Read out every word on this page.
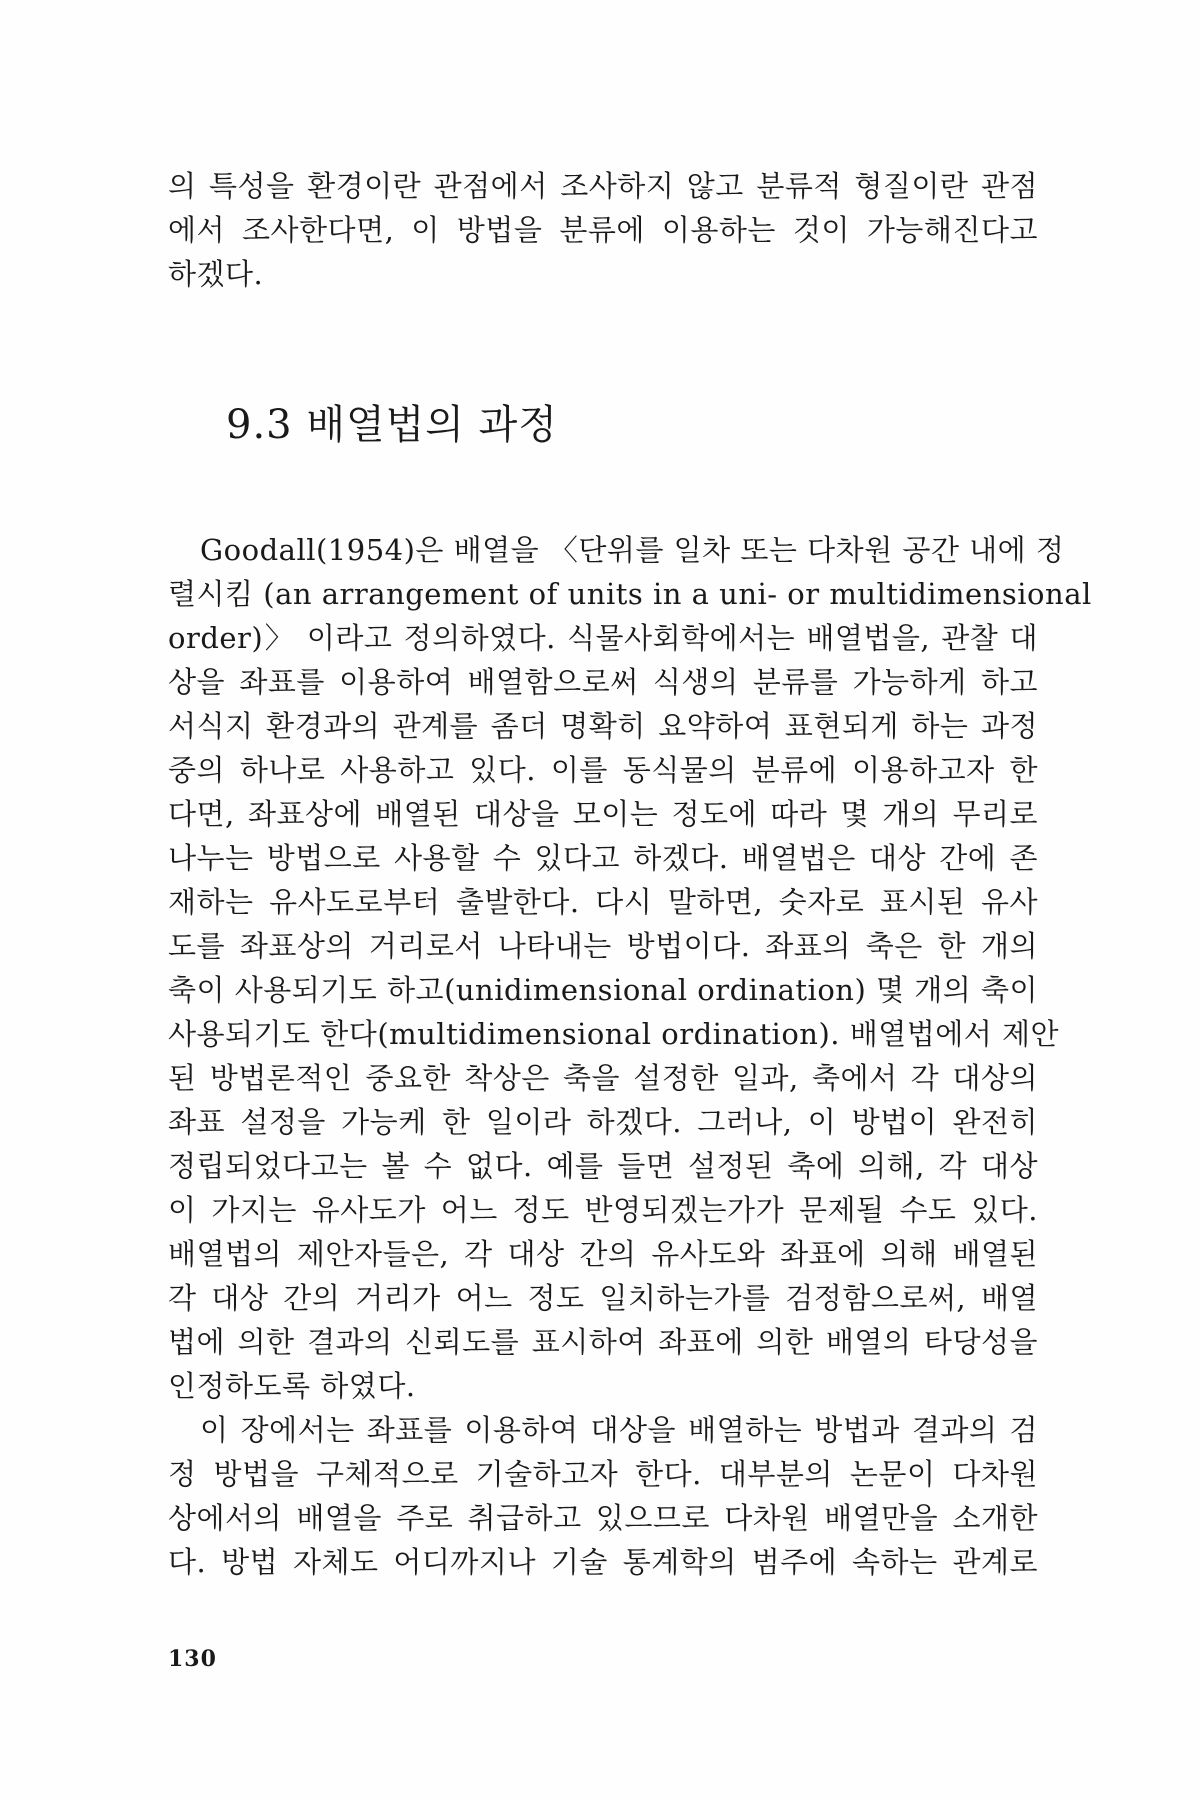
의 특성을 환경이란 관점에서 조사하지 않고 분류적 형질이란 관점
에서 조사한다면, 이 방법을 분류에 이용하는 것이 가능해진다고
하겠다.
9.3 배열법의 과정
Goodall(1954)은 배열을 〈단위를 일차 또는 다차원 공간 내에 정
렬시킴 (an arrangement of units in a uni- or multidimensional
order)〉 이라고 정의하였다. 식물사회학에서는 배열법을, 관찰 대
상을 좌표를 이용하여 배열함으로써 식생의 분류를 가능하게 하고
서식지 환경과의 관계를 좀더 명확히 요약하여 표현되게 하는 과정
중의 하나로 사용하고 있다. 이를 동식물의 분류에 이용하고자 한
다면, 좌표상에 배열된 대상을 모이는 정도에 따라 몇 개의 무리로
나누는 방법으로 사용할 수 있다고 하겠다. 배열법은 대상 간에 존
재하는 유사도로부터 출발한다. 다시 말하면, 숫자로 표시된 유사
도를 좌표상의 거리로서 나타내는 방법이다. 좌표의 축은 한 개의
축이 사용되기도 하고(unidimensional ordination) 몇 개의 축이
사용되기도 한다(multidimensional ordination). 배열법에서 제안
된 방법론적인 중요한 착상은 축을 설정한 일과, 축에서 각 대상의
좌표 설정을 가능케 한 일이라 하겠다. 그러나, 이 방법이 완전히
정립되었다고는 볼 수 없다. 예를 들면 설정된 축에 의해, 각 대상
이 가지는 유사도가 어느 정도 반영되겠는가가 문제될 수도 있다.
배열법의 제안자들은, 각 대상 간의 유사도와 좌표에 의해 배열된
각 대상 간의 거리가 어느 정도 일치하는가를 검정함으로써, 배열
법에 의한 결과의 신뢰도를 표시하여 좌표에 의한 배열의 타당성을
인정하도록 하였다.
이 장에서는 좌표를 이용하여 대상을 배열하는 방법과 결과의 검
정 방법을 구체적으로 기술하고자 한다. 대부분의 논문이 다차원
상에서의 배열을 주로 취급하고 있으므로 다차원 배열만을 소개한
다. 방법 자체도 어디까지나 기술 통계학의 범주에 속하는 관계로
130
